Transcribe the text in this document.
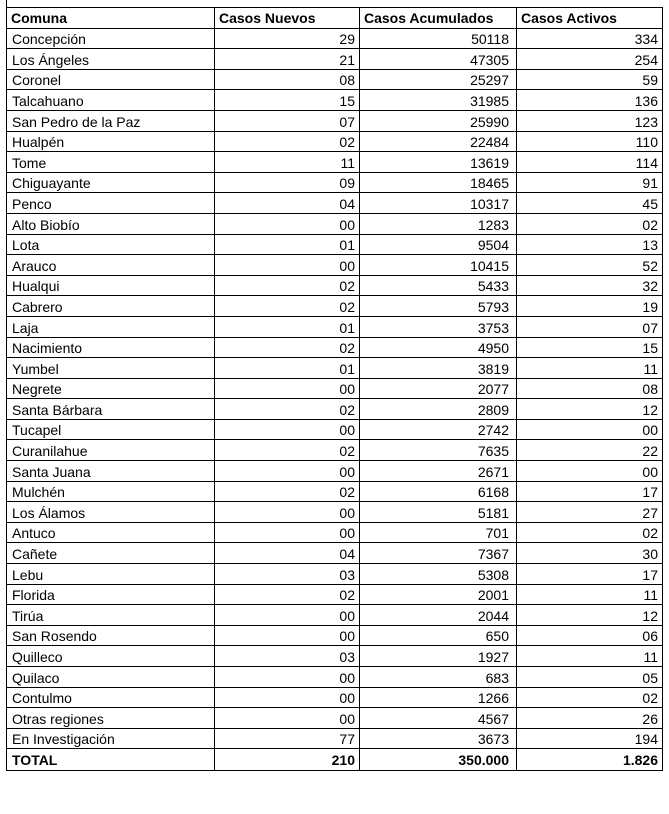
Comuna	Casos Nuevos	Casos Acumulados	Casos Activos
Concepción	29	50118	334
Los Ángeles	21	47305	254
Coronel	08	25297	59
Talcahuano	15	31985	136
San Pedro de la Paz	07	25990	123
Hualpén	02	22484	110
Tome	11	13619	114
Chiguayante	09	18465	91
Penco	04	10317	45
Alto Biobío	00	1283	02
Lota	01	9504	13
Arauco	00	10415	52
Hualqui	02	5433	32
Cabrero	02	5793	19
Laja	01	3753	07
Nacimiento	02	4950	15
Yumbel	01	3819	11
Negrete	00	2077	08
Santa Bárbara	02	2809	12
Tucapel	00	2742	00
Curanilahue	02	7635	22
Santa Juana	00	2671	00
Mulchén	02	6168	17
Los Álamos	00	5181	27
Antuco	00	701	02
Cañete	04	7367	30
Lebu	03	5308	17
Florida	02	2001	11
Tirúa	00	2044	12
San Rosendo	00	650	06
Quilleco	03	1927	11
Quilaco	00	683	05
Contulmo	00	1266	02
Otras regiones	00	4567	26
En Investigación	77	3673	194
TOTAL	210	350.000	1.826
